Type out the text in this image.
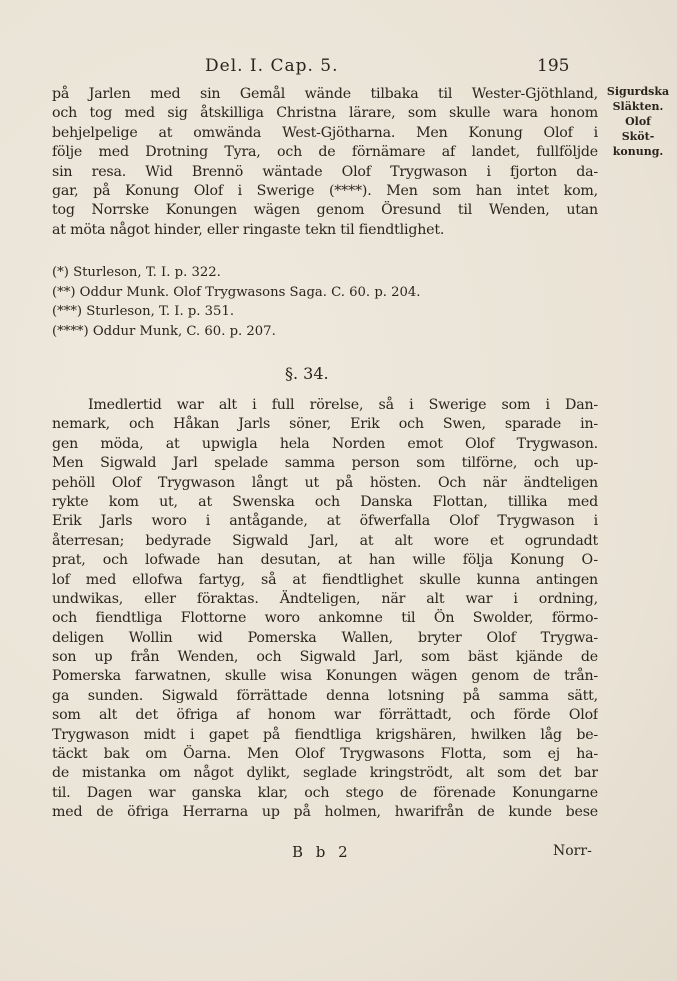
Del. I. Cap. 5.	195
Sigurdska
Släkten.
Olof
Sköt-
konung.
på Jarlen med sin Gemål wände tilbaka til Wester-Gjöthland,
och tog med sig åtskilliga Christna lärare, som skulle wara honom
behjelpelige at omwända West-Gjötharna. Men Konung Olof i
följe med Drotning Tyra, och de förnämare af landet, fullföljde
sin resa. Wid Brennö wäntade Olof Trygwason i fjorton da-
gar, på Konung Olof i Swerige (****). Men som han intet kom,
tog Norrske Konungen wägen genom Öresund til Wenden, utan
at möta något hinder, eller ringaste tekn til fiendtlighet.
(*) Sturleson, T. I. p. 322.
(**) Oddur Munk. Olof Trygwasons Saga. C. 60. p. 204.
(***) Sturleson, T. I. p. 351.
(****) Oddur Munk, C. 60. p. 207.
§. 34.
Imedlertid war alt i full rörelse, så i Swerige som i Dan-
nemark, och Håkan Jarls söner, Erik och Swen, sparade in-
gen möda, at upwigla hela Norden emot Olof Trygwason.
Men Sigwald Jarl spelade samma person som tilförne, och up-
pehöll Olof Trygwason långt ut på hösten. Och när ändteligen
rykte kom ut, at Swenska och Danska Flottan, tillika med
Erik Jarls woro i antågande, at öfwerfalla Olof Trygwason i
återresan; bedyrade Sigwald Jarl, at alt wore et ogrundadt
prat, och lofwade han desutan, at han wille följa Konung O-
lof med ellofwa fartyg, så at fiendtlighet skulle kunna antingen
undwikas, eller föraktas. Ändteligen, när alt war i ordning,
och fiendtliga Flottorne woro ankomne til Ön Swolder, förmo-
deligen Wollin wid Pomerska Wallen, bryter Olof Trygwa-
son up från Wenden, och Sigwald Jarl, som bäst kjände de
Pomerska farwatnen, skulle wisa Konungen wägen genom de trån-
ga sunden. Sigwald förrättade denna lotsning på samma sätt,
som alt det öfriga af honom war förrättadt, och förde Olof
Trygwason midt i gapet på fiendtliga krigshären, hwilken låg be-
täckt bak om Öarna. Men Olof Trygwasons Flotta, som ej ha-
de mistanka om något dylikt, seglade kringströdt, alt som det bar
til. Dagen war ganska klar, och stego de förenade Konungarne
med de öfriga Herrarna up på holmen, hwarifrån de kunde bese
B b 2	Norr-
